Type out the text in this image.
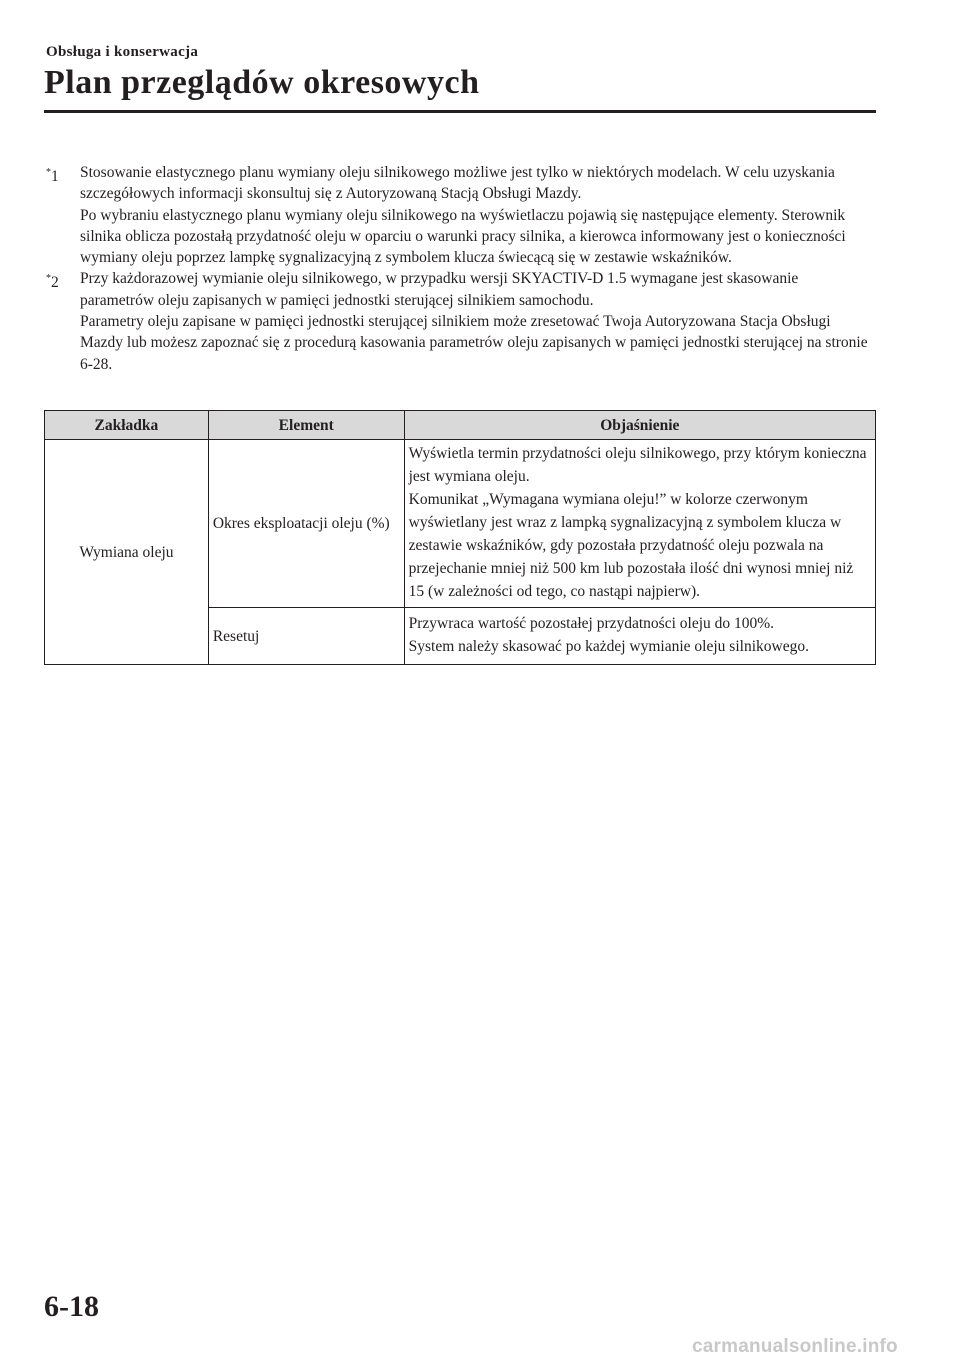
Obsługa i konserwacja
Plan przeglądów okresowych
*1	Stosowanie elastycznego planu wymiany oleju silnikowego możliwe jest tylko w niektórych modelach. W celu uzyskania szczegółowych informacji skonsultuj się z Autoryzowaną Stacją Obsługi Mazdy.

Po wybraniu elastycznego planu wymiany oleju silnikowego na wyświetlaczu pojawią się następujące elementy. Sterownik silnika oblicza pozostałą przydatność oleju w oparciu o warunki pracy silnika, a kierowca informowany jest o konieczności wymiany oleju poprzez lampkę sygnalizacyjną z symbolem klucza świecącą się w zestawie wskaźników.

*2	Przy każdorazowej wymianie oleju silnikowego, w przypadku wersji SKYACTIV-D 1.5 wymagane jest skasowanie parametrów oleju zapisanych w pamięci jednostki sterującej silnikiem samochodu.

Parametry oleju zapisane w pamięci jednostki sterującej silnikiem może zresetować Twoja Autoryzowana Stacja Obsługi Mazdy lub możesz zapoznać się z procedurą kasowania parametrów oleju zapisanych w pamięci jednostki sterującej na stronie 6-28.

Zakładka	Element	Objaśnienie
Wymiana oleju	Okres eksploatacji oleju (%)	Wyświetla termin przydatności oleju silnikowego, przy którym konieczna jest wymiana oleju.

Komunikat „Wymagana wymiana oleju!” w kolorze czerwonym wyświetlany jest wraz z lampką sygnalizacyjną z symbolem klucza w zestawie wskaźników, gdy pozostała przydatność oleju pozwala na przejechanie mniej niż 500 km lub pozostała ilość dni wynosi mniej niż 15 (w zależności od tego, co nastąpi najpierw).

	Resetuj	Przywraca wartość pozostałej przydatności oleju do 100%.

System należy skasować po każdej wymianie oleju silnikowego.

6-18
carmanualsonline.info
